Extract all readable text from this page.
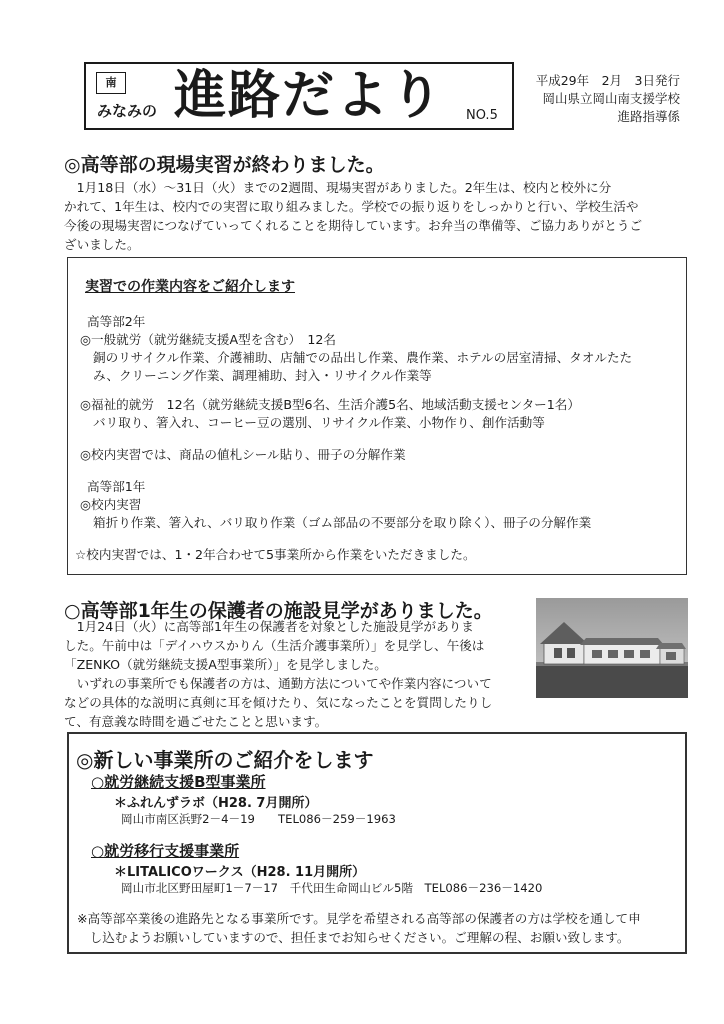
南
みなみの 進路だより NO.5
平成29年　2月　3日発行
岡山県立岡山南支援学校
進路指導係
◎高等部の現場実習が終わりました。
　1月18日（水）～31日（火）までの2週間、現場実習がありました。2年生は、校内と校外に分
かれて、1年生は、校内での実習に取り組みました。学校での振り返りをしっかりと行い、学校生活や
今後の現場実習につなげていってくれることを期待しています。お弁当の準備等、ご協力ありがとうご
ざいました。
実習での作業内容をご紹介します
高等部2年
◎一般就労（就労継続支援A型を含む）　12名
銅のリサイクル作業、介護補助、店舗での品出し作業、農作業、ホテルの居室清掃、タオルたた
み、クリーニング作業、調理補助、封入・リサイクル作業等
◎福祉的就労　12名（就労継続支援B型6名、生活介護5名、地域活動支援センター1名）
バリ取り、箸入れ、コーヒー豆の選別、リサイクル作業、小物作り、創作活動等
◎校内実習では、商品の値札シール貼り、冊子の分解作業
高等部1年
◎校内実習
箱折り作業、箸入れ、バリ取り作業（ゴム部品の不要部分を取り除く）、冊子の分解作業
☆校内実習では、1・2年合わせて5事業所から作業をいただきました。
○高等部1年生の保護者の施設見学がありました。
　1月24日（火）に高等部1年生の保護者を対象とした施設見学がありま
した。午前中は「デイハウスかりん（生活介護事業所）」を見学し、午後は
「ZENKO（就労継続支援A型事業所）」を見学しました。
　いずれの事業所でも保護者の方は、通勤方法についてや作業内容について
などの具体的な説明に真剣に耳を傾けたり、気になったことを質問したりし
て、有意義な時間を過ごせたことと思います。
◎新しい事業所のご紹介をします
○就労継続支援B型事業所
＊ふれんずラボ（H28. 7月開所）
岡山市南区浜野2－4－19　　TEL086－259－1963
○就労移行支援事業所
＊LITALICOワークス（H28. 11月開所）
岡山市北区野田屋町1－7－17　千代田生命岡山ビル5階　TEL086－236－1420
※高等部卒業後の進路先となる事業所です。見学を希望される高等部の保護者の方は学校を通して申
　し込むようお願いしていますので、担任までお知らせください。ご理解の程、お願い致します。
